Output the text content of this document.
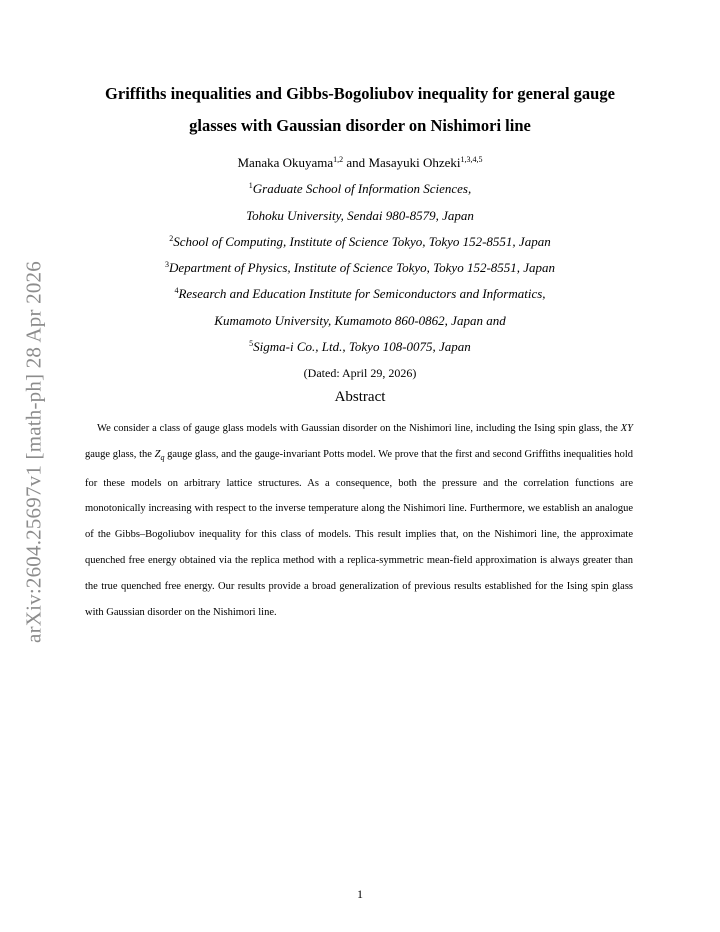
arXiv:2604.25697v1 [math-ph] 28 Apr 2026
Griffiths inequalities and Gibbs-Bogoliubov inequality for general gauge
glasses with Gaussian disorder on Nishimori line
Manaka Okuyama$^{1,2}$ and Masayuki Ohzeki$^{1,3,4,5}$
$^1$Graduate School of Information Sciences,
Tohoku University, Sendai 980-8579, Japan
$^2$School of Computing, Institute of Science Tokyo, Tokyo 152-8551, Japan
$^3$Department of Physics, Institute of Science Tokyo, Tokyo 152-8551, Japan
$^4$Research and Education Institute for Semiconductors and Informatics,
Kumamoto University, Kumamoto 860-0862, Japan and
$^5$Sigma-i Co., Ltd., Tokyo 108-0075, Japan
(Dated: April 29, 2026)
Abstract

We consider a class of gauge glass models with Gaussian disorder on the Nishimori line, including the Ising spin glass, the XY gauge glass, the $Z_q$ gauge glass, and the gauge-invariant Potts model. We prove that the first and second Griffiths inequalities hold for these models on arbitrary lattice structures. As a consequence, both the pressure and the correlation functions are monotonically increasing with respect to the inverse temperature along the Nishimori line. Furthermore, we establish an analogue of the Gibbs–Bogoliubov inequality for this class of models. This result implies that, on the Nishimori line, the approximate quenched free energy obtained via the replica method with a replica-symmetric mean-field approximation is always greater than the true quenched free energy. Our results provide a broad generalization of previous results established for the Ising spin glass with Gaussian disorder on the Nishimori line.

1
